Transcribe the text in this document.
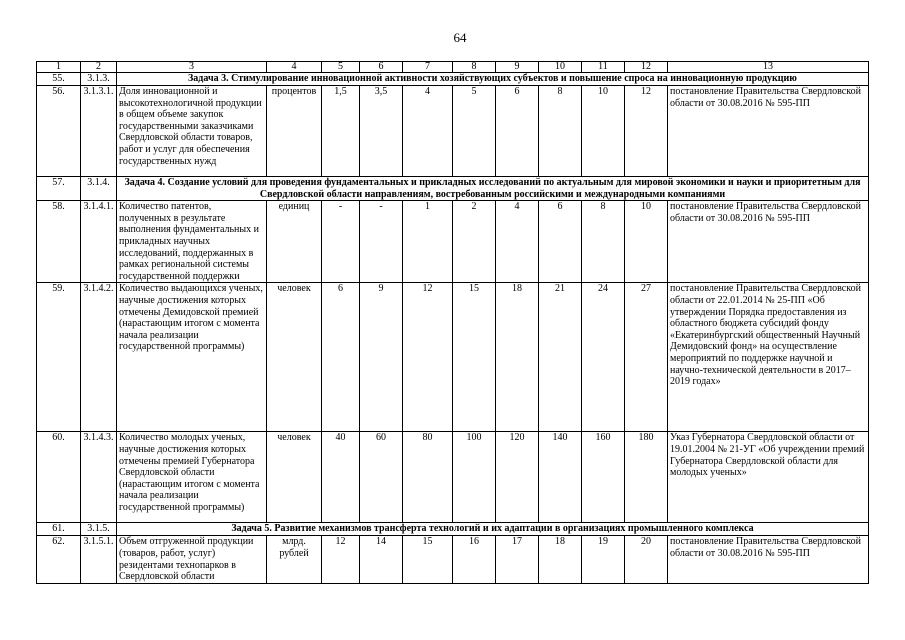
64
1	2	3	4	5	6	7	8	9	10	11	12	13
55.	3.1.3.	Задача 3. Стимулирование инновационной активности хозяйствующих субъектов и повышение спроса на инновационную продукцию										
56.	3.1.3.1.	Доля инновационной и высокотехнологичной продукции в общем объеме закупок государственными заказчиками Свердловской области товаров, работ и услуг для обеспечения государственных нужд	процентов	1,5	3,5	4	5	6	8	10	12	постановление Правительства Свердловской области от 30.08.2016 № 595-ПП
57.	3.1.4.	Задача 4. Создание условий для проведения фундаментальных и прикладных исследований по актуальным для мировой экономики и науки и приоритетным для Свердловской области направлениям, востребованным российскими и международными компаниями										
58.	3.1.4.1.	Количество патентов, полученных в результате выполнения фундаментальных и прикладных научных исследований, поддержанных в рамках региональной системы государственной поддержки	единиц	-	-	1	2	4	6	8	10	постановление Правительства Свердловской области от 30.08.2016 № 595-ПП
59.	3.1.4.2.	Количество выдающихся ученых, научные достижения которых отмечены Демидовской премией (нарастающим итогом с момента начала реализации государственной программы)	человек	6	9	12	15	18	21	24	27	постановление Правительства Свердловской области от 22.01.2014 № 25-ПП «Об утверждении Порядка предоставления из областного бюджета субсидий фонду «Екатеринбургский общественный Научный Демидовский фонд» на осуществление мероприятий по поддержке научной и научно-технической деятельности в 2017–2019 годах»
60.	3.1.4.3.	Количество молодых ученых, научные достижения которых отмечены премией Губернатора Свердловской области (нарастающим итогом с момента начала реализации государственной программы)	человек	40	60	80	100	120	140	160	180	Указ Губернатора Свердловской области от 19.01.2004 № 21-УГ «Об учреждении премий Губернатора Свердловской области для молодых ученых»
61.	3.1.5.	Задача 5. Развитие механизмов трансферта технологий и их адаптации в организациях промышленного комплекса										
62.	3.1.5.1.	Объем отгруженной продукции (товаров, работ, услуг) резидентами технопарков в Свердловской области	млрд. рублей	12	14	15	16	17	18	19	20	постановление Правительства Свердловской области от 30.08.2016 № 595-ПП
